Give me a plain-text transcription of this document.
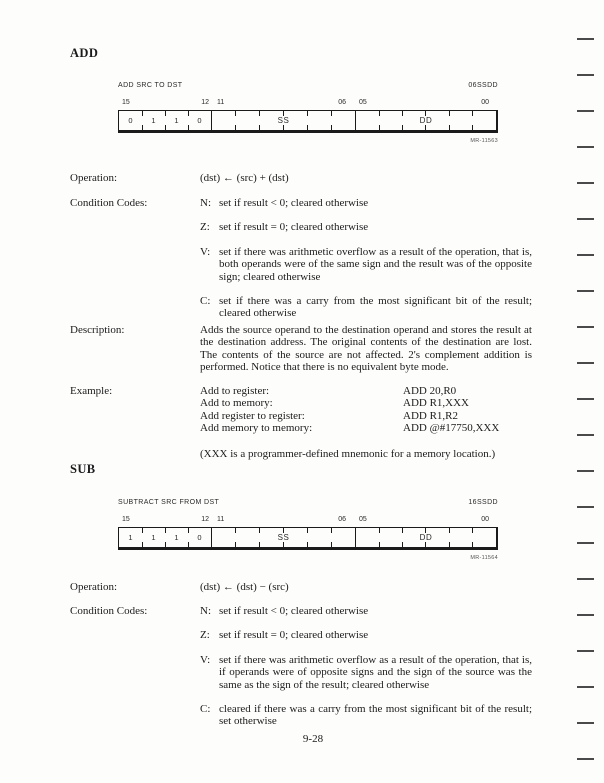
ADD
ADD SRC TO DST	06SSDD
15	12 11	06 05	00
0	1	1	0	SS	DD
MR-11563
Operation:	(dst) ← (src) + (dst)
Condition Codes:	N: set if result < 0; cleared otherwise
Z: set if result = 0; cleared otherwise
V: set if there was arithmetic overflow as a result of the operation, that is, both operands were of the same sign and the result was of the opposite sign; cleared otherwise
C: set if there was a carry from the most significant bit of the result; cleared otherwise
Description:	Adds the source operand to the destination operand and stores the result at the destination address. The original contents of the destination are lost. The contents of the source are not affected. 2's complement addition is performed. Notice that there is no equivalent byte mode.
Example:	Add to register:	ADD 20,R0
Add to memory:	ADD R1,XXX
Add register to register:	ADD R1,R2
Add memory to memory:	ADD @#17750,XXX
(XXX is a programmer-defined mnemonic for a memory location.)
SUB
SUBTRACT SRC FROM DST	16SSDD
15	12 11	06 05	00
1	1	1	0	SS	DD
MR-11564
Operation:	(dst) ← (dst) − (src)
Condition Codes:	N: set if result < 0; cleared otherwise
Z: set if result = 0; cleared otherwise
V: set if there was arithmetic overflow as a result of the operation, that is, if operands were of opposite signs and the sign of the source was the same as the sign of the result; cleared otherwise
C: cleared if there was a carry from the most significant bit of the result; set otherwise
9-28
